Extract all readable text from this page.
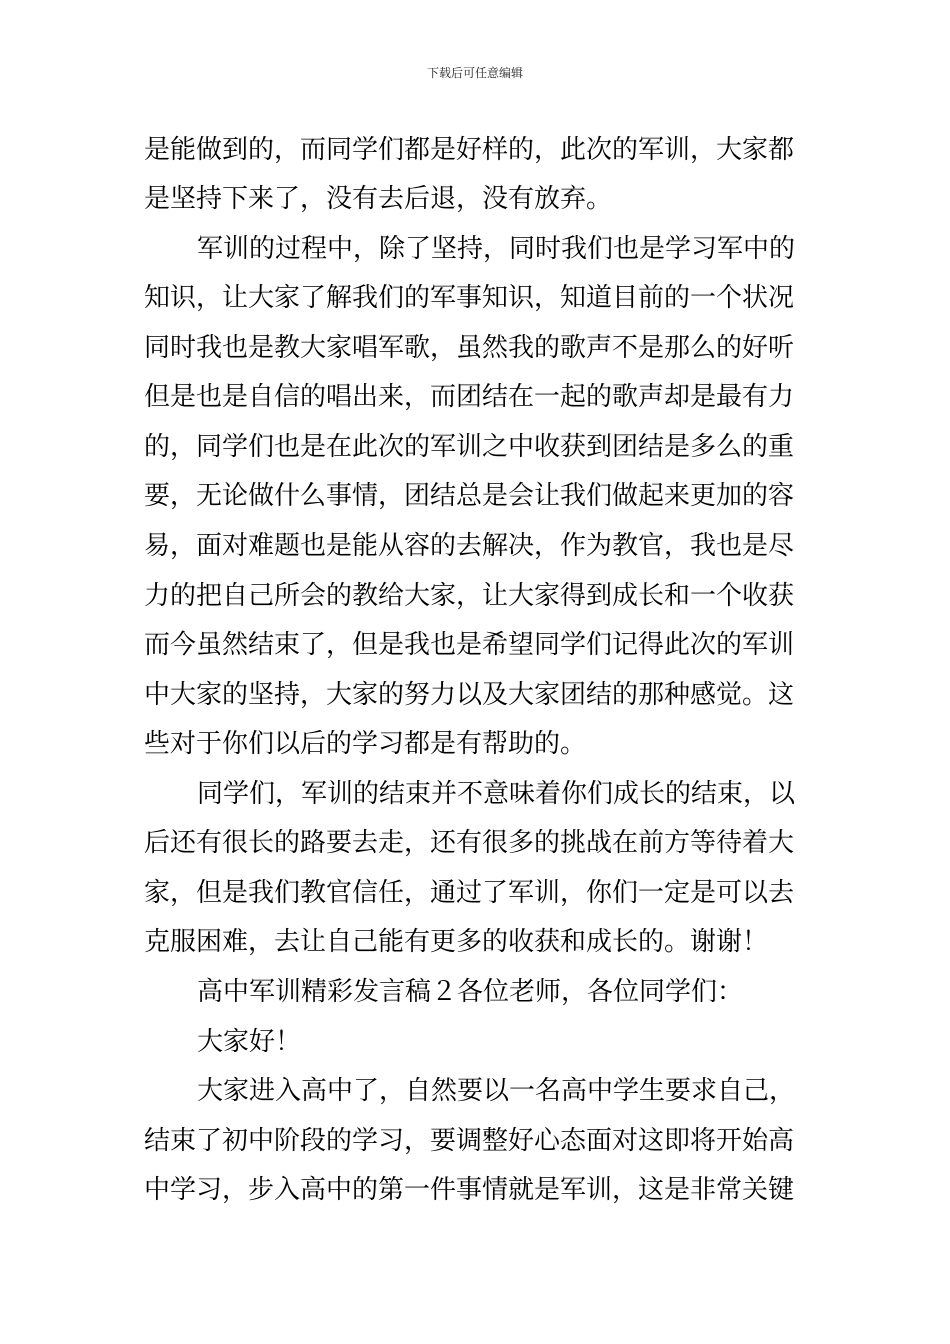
下载后可任意编辑
是能做到的，而同学们都是好样的，此次的军训，大家都
是坚持下来了，没有去后退，没有放弃。
军训的过程中，除了坚持，同时我们也是学习军中的
知识，让大家了解我们的军事知识，知道目前的一个状况
同时我也是教大家唱军歌，虽然我的歌声不是那么的好听
但是也是自信的唱出来，而团结在一起的歌声却是最有力
的，同学们也是在此次的军训之中收获到团结是多么的重
要，无论做什么事情，团结总是会让我们做起来更加的容
易，面对难题也是能从容的去解决，作为教官，我也是尽
力的把自己所会的教给大家，让大家得到成长和一个收获
而今虽然结束了，但是我也是希望同学们记得此次的军训
中大家的坚持，大家的努力以及大家团结的那种感觉。这
些对于你们以后的学习都是有帮助的。
同学们，军训的结束并不意味着你们成长的结束，以
后还有很长的路要去走，还有很多的挑战在前方等待着大
家，但是我们教官信任，通过了军训，你们一定是可以去
克服困难，去让自己能有更多的收获和成长的。谢谢！
高中军训精彩发言稿２各位老师，各位同学们：
大家好！
大家进入高中了，自然要以一名高中学生要求自己，
结束了初中阶段的学习，要调整好心态面对这即将开始高
中学习，步入高中的第一件事情就是军训，这是非常关键
